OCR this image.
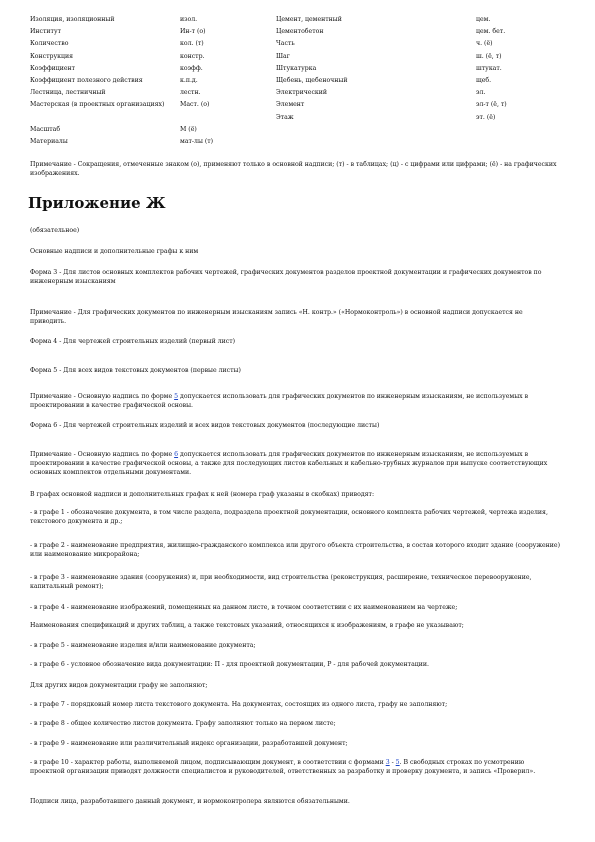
Изоляция, изоляционный	изол.	Цемент, цементный	цем.
Институт	Ин-т (о)	Цементобетон	цем. бет.
Количество	кол. (т)	Часть	ч. (ё)
Конструкция	констр.	Шаг	ш. (ё, т)
Коэффициент	коэфф.	Штукатурка	штукат.
Коэффициент полезного действия	к.п.д.	Щебень, щебеночный	щеб.
Лестница, лестничный	лестн.	Электрический	эл.
Мастерская (в проектных организациях)	Маст. (о)	Элемент	эл-т (ё, т)
		Этаж	эт. (ё)
Масштаб	М (ё)		
Материалы	мат-лы (т)		

Примечание - Сокращения, отмеченные знаком (о), применяют только в основной надписи; (т) - в таблицах; (ц) - с цифрами или цифрами; (ё) - на графических изображениях.

Приложение Ж

(обязательное)

Основные надписи и дополнительные графы к ним

Форма 3 - Для листов основных комплектов рабочих чертежей, графических документов разделов проектной документации и графических документов по инженерным изысканиям

Примечание - Для графических документов по инженерным изысканиям запись «Н. контр.» («Нормоконтроль») в основной надписи допускается не приводить.

Форма 4 - Для чертежей строительных изделий (первый лист)

Форма 5 - Для всех видов текстовых документов (первые листы)

Примечание - Основную надпись по форме 5 допускается использовать для графических документов по инженерным изысканиям, не используемых в проектировании в качестве графической основы.

Форма 6 - Для чертежей строительных изделий и всех видов текстовых документов (последующие листы)

Примечание - Основную надпись по форме 6 допускается использовать для графических документов по инженерным изысканиям, не используемых в проектировании в качестве графической основы, а также для последующих листов кабельных и кабельно-трубных журналов при выпуске соответствующих основных комплектов отдельными документами.

В графах основной надписи и дополнительных графах к ней (номера граф указаны в скобках) приводят:

- в графе 1 - обозначение документа, в том числе раздела, подраздела проектной документации, основного комплекта рабочих чертежей, чертежа изделия, текстового документа и др.;

- в графе 2 - наименование предприятия, жилищно-гражданского комплекса или другого объекта строительства, в состав которого входит здание (сооружение) или наименование микрорайона;

- в графе 3 - наименование здания (сооружения) и, при необходимости, вид строительства (реконструкция, расширение, техническое перевооружение, капитальный ремонт);

- в графе 4 - наименование изображений, помещенных на данном листе, в точном соответствии с их наименованием на чертеже;

Наименования спецификаций и других таблиц, а также текстовых указаний, относящихся к изображениям, в графе не указывают;

- в графе 5 - наименование изделия и/или наименование документа;

- в графе 6 - условное обозначение вида документации: П - для проектной документации, Р - для рабочей документации.

Для других видов документации графу не заполняют;

- в графе 7 - порядковый номер листа текстового документа. На документах, состоящих из одного листа, графу не заполняют;

- в графе 8 - общее количество листов документа. Графу заполняют только на первом листе;

- в графе 9 - наименование или различительный индекс организации, разработавшей документ;

- в графе 10 - характер работы, выполняемой лицом, подписывающим документ, в соответствии с формами 3 - 5. В свободных строках по усмотрению проектной организации приводят должности специалистов и руководителей, ответственных за разработку и проверку документа, и запись «Проверил».

Подписи лица, разработавшего данный документ, и нормоконтролера являются обязательными.
